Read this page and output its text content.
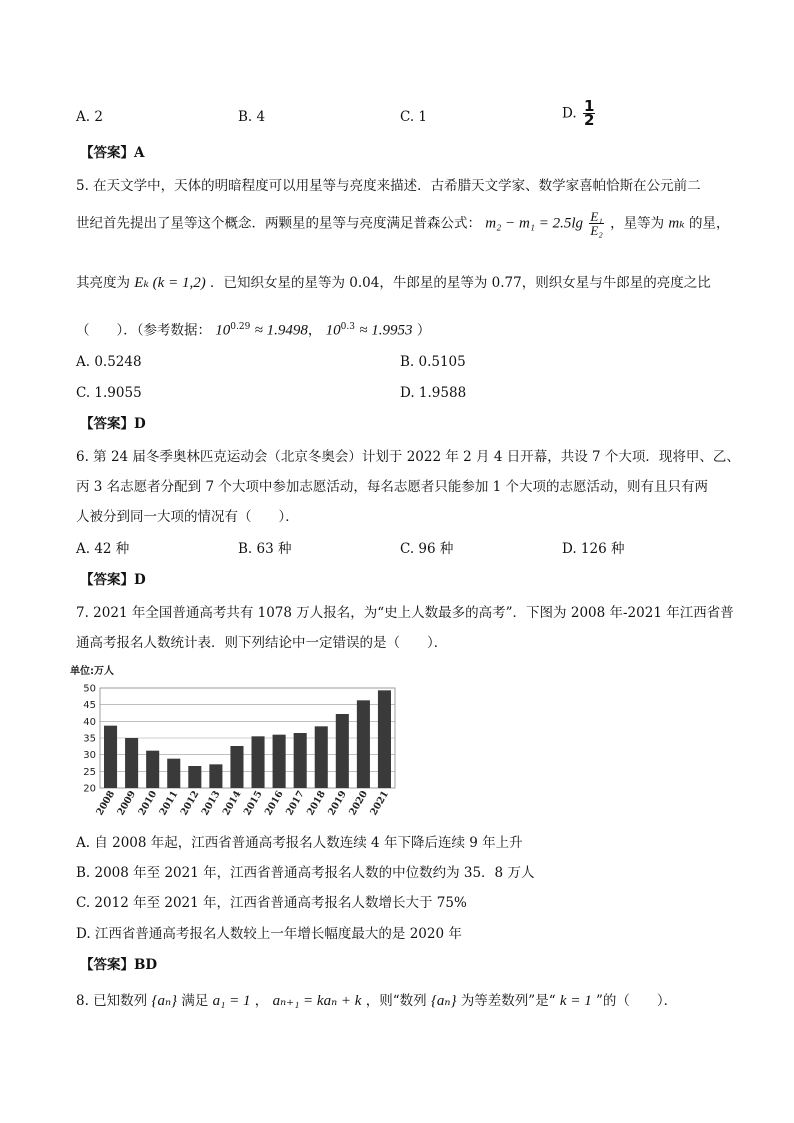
A. 2	B. 4	C. 1	D. $\frac{1}{2}$
【答案】A
5. 在天文学中，天体的明暗程度可以用星等与亮度来描述．古希腊天文学家、数学家喜帕恰斯在公元前二
世纪首先提出了星等这个概念．两颗星的星等与亮度满足普森公式： $m_2 - m_1 = 2.5\lg \frac{\text{E₁}}{\text{E₂}}$ ，星等为 mₖ 的星，
其亮度为 Eₖ (k = 1,2) ．已知织女星的星等为 0.04，牛郎星的星等为 0.77，则织女星与牛郎星的亮度之比
（　　）．（参考数据： $10^{0.29} \approx 1.9498$， $10^{0.3} \approx 1.9953$ ）
A. 0.5248	B. 0.5105
C. 1.9055	D. 1.9588
【答案】D
6. 第 24 届冬季奥林匹克运动会（北京冬奥会）计划于 2022 年 2 月 4 日开幕，共设 7 个大项．现将甲、乙、
丙 3 名志愿者分配到 7 个大项中参加志愿活动，每名志愿者只能参加 1 个大项的志愿活动，则有且只有两
人被分到同一大项的情况有（　　）．
A. 42 种	B. 63 种	C. 96 种	D. 126 种
【答案】D
7. 2021 年全国普通高考共有 1078 万人报名，为“史上人数最多的高考”．下图为 2008 年-2021 年江西省普
通高考报名人数统计表．则下列结论中一定错误的是（　　）．
单位:万人
20
25
30
35
40
45
50
2008
2009
2010
2011
2012
2013
2014
2015
2016
2017
2018
2019
2020
2021
A. 自 2008 年起，江西省普通高考报名人数连续 4 年下降后连续 9 年上升
B. 2008 年至 2021 年，江西省普通高考报名人数的中位数约为 35．8 万人
C. 2012 年至 2021 年，江西省普通高考报名人数增长大于 75%
D. 江西省普通高考报名人数较上一年增长幅度最大的是 2020 年
【答案】BD
8. 已知数列 {aₙ} 满足 a₁ = 1 ， aₙ₊₁ = kaₙ + k ，则“数列 {aₙ} 为等差数列”是“ k = 1 ”的（　　）．
